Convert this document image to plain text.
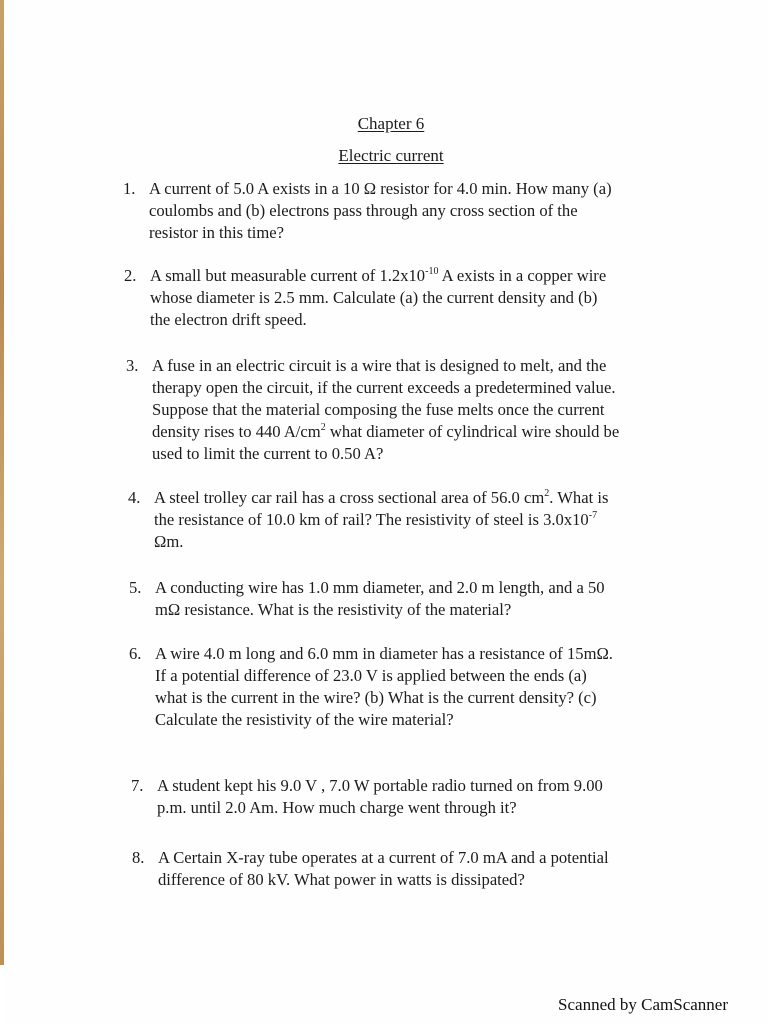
Chapter 6
Electric current
1. A current of 5.0 A exists in a 10 Ω resistor for 4.0 min. How many (a)
coulombs and (b) electrons pass through any cross section of the
resistor in this time?
2. A small but measurable current of $1.2x10^{-10}$ A exists in a copper wire
whose diameter is 2.5 mm. Calculate (a) the current density and (b)
the electron drift speed.
3. A fuse in an electric circuit is a wire that is designed to melt, and the
therapy open the circuit, if the current exceeds a predetermined value.
Suppose that the material composing the fuse melts once the current
density rises to 440 $A/cm^2$ what diameter of cylindrical wire should be
used to limit the current to 0.50 A?
4. A steel trolley car rail has a cross sectional area of 56.0 $cm^2$. What is
the resistance of 10.0 km of rail? The resistivity of steel is $3.0x10^{-7}$
Ωm.
5. A conducting wire has 1.0 mm diameter, and 2.0 m length, and a 50
mΩ resistance. What is the resistivity of the material?
6. A wire 4.0 m long and 6.0 mm in diameter has a resistance of 15mΩ.
If a potential difference of 23.0 V is applied between the ends (a)
what is the current in the wire? (b) What is the current density? (c)
Calculate the resistivity of the wire material?
7. A student kept his 9.0 V , 7.0 W portable radio turned on from 9.00
p.m. until 2.0 Am. How much charge went through it?
8. A Certain X-ray tube operates at a current of 7.0 mA and a potential
difference of 80 kV. What power in watts is dissipated?
Scanned by CamScanner
